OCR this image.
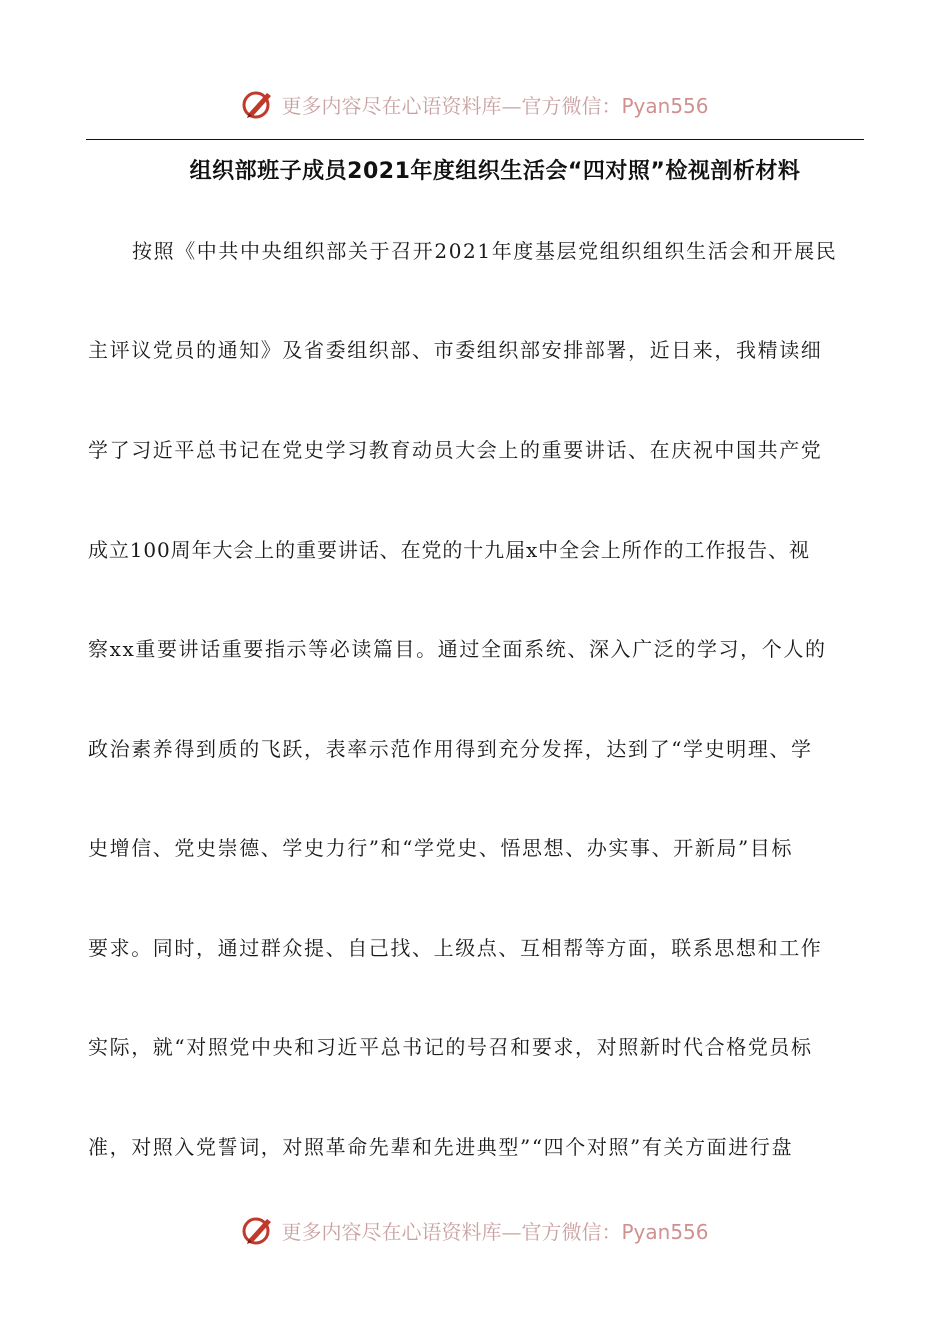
更多内容尽在心语资料库—官方微信：Pyan556
组织部班子成员2021年度组织生活会“四对照”检视剖析材料
按照《中共中央组织部关于召开2021年度基层党组织组织生活会和开展民
主评议党员的通知》及省委组织部、市委组织部安排部署，近日来，我精读细
学了习近平总书记在党史学习教育动员大会上的重要讲话、在庆祝中国共产党
成立100周年大会上的重要讲话、在党的十九届x中全会上所作的工作报告、视
察xx重要讲话重要指示等必读篇目。通过全面系统、深入广泛的学习，个人的
政治素养得到质的飞跃，表率示范作用得到充分发挥，达到了“学史明理、学
史增信、党史崇德、学史力行”和“学党史、悟思想、办实事、开新局”目标
要求。同时，通过群众提、自己找、上级点、互相帮等方面，联系思想和工作
实际，就“对照党中央和习近平总书记的号召和要求，对照新时代合格党员标
准，对照入党誓词，对照革命先辈和先进典型”“四个对照”有关方面进行盘
更多内容尽在心语资料库—官方微信：Pyan556
